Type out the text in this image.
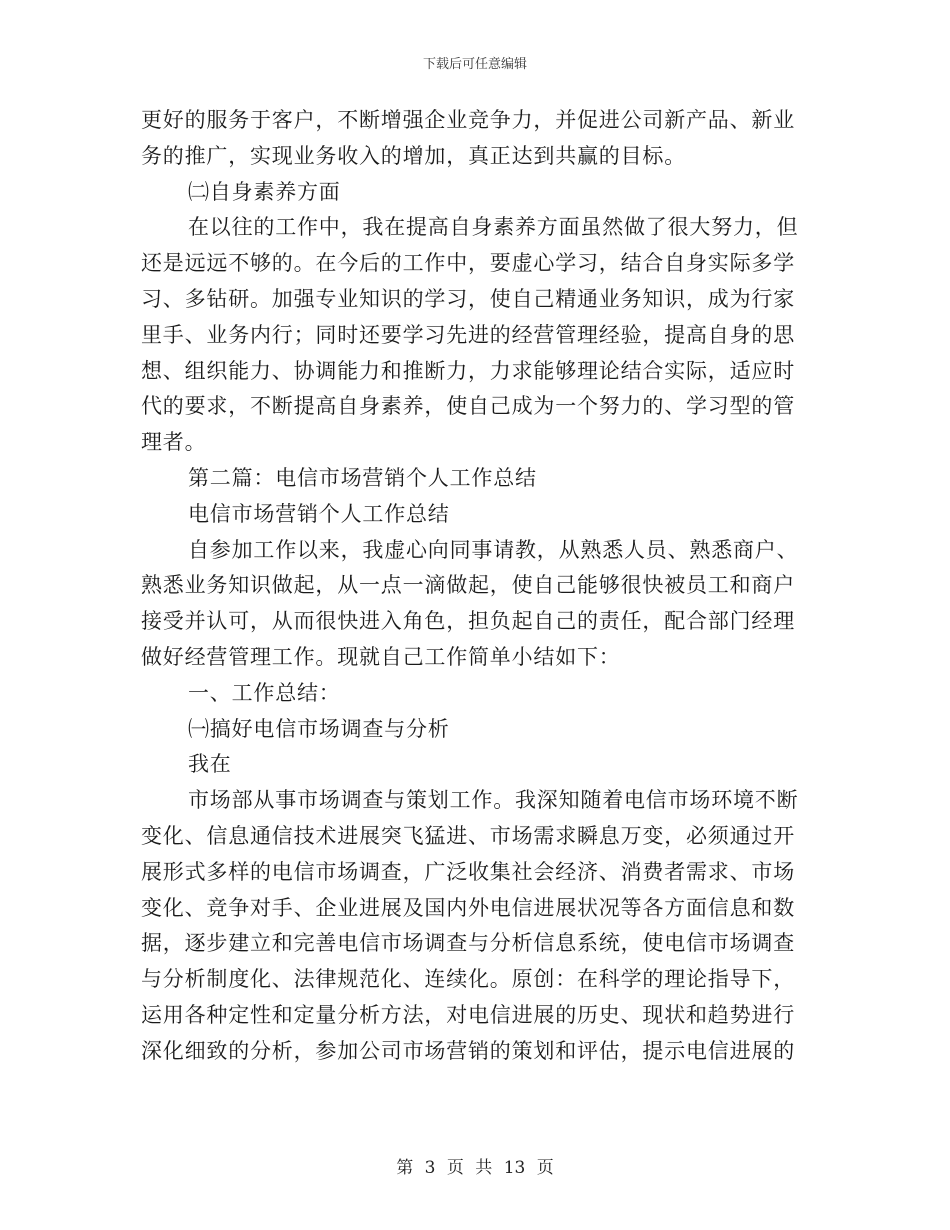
下载后可任意编辑
更好的服务于客户，不断增强企业竞争力，并促进公司新产品、新业
务的推广，实现业务收入的增加，真正达到共赢的目标。
㈡自身素养方面
在以往的工作中，我在提高自身素养方面虽然做了很大努力，但
还是远远不够的。在今后的工作中，要虚心学习，结合自身实际多学
习、多钻研。加强专业知识的学习，使自己精通业务知识，成为行家
里手、业务内行；同时还要学习先进的经营管理经验，提高自身的思
想、组织能力、协调能力和推断力，力求能够理论结合实际，适应时
代的要求，不断提高自身素养，使自己成为一个努力的、学习型的管
理者。
第二篇：电信市场营销个人工作总结
电信市场营销个人工作总结
自参加工作以来，我虚心向同事请教，从熟悉人员、熟悉商户、
熟悉业务知识做起，从一点一滴做起，使自己能够很快被员工和商户
接受并认可，从而很快进入角色，担负起自己的责任，配合部门经理
做好经营管理工作。现就自己工作简单小结如下：
一、工作总结：
㈠搞好电信市场调查与分析
我在
市场部从事市场调查与策划工作。我深知随着电信市场环境不断
变化、信息通信技术进展突飞猛进、市场需求瞬息万变，必须通过开
展形式多样的电信市场调查，广泛收集社会经济、消费者需求、市场
变化、竞争对手、企业进展及国内外电信进展状况等各方面信息和数
据，逐步建立和完善电信市场调查与分析信息系统，使电信市场调查
与分析制度化、法律规范化、连续化。原创：在科学的理论指导下，
运用各种定性和定量分析方法，对电信进展的历史、现状和趋势进行
深化细致的分析，参加公司市场营销的策划和评估，提示电信进展的
第 3 页 共 13 页
